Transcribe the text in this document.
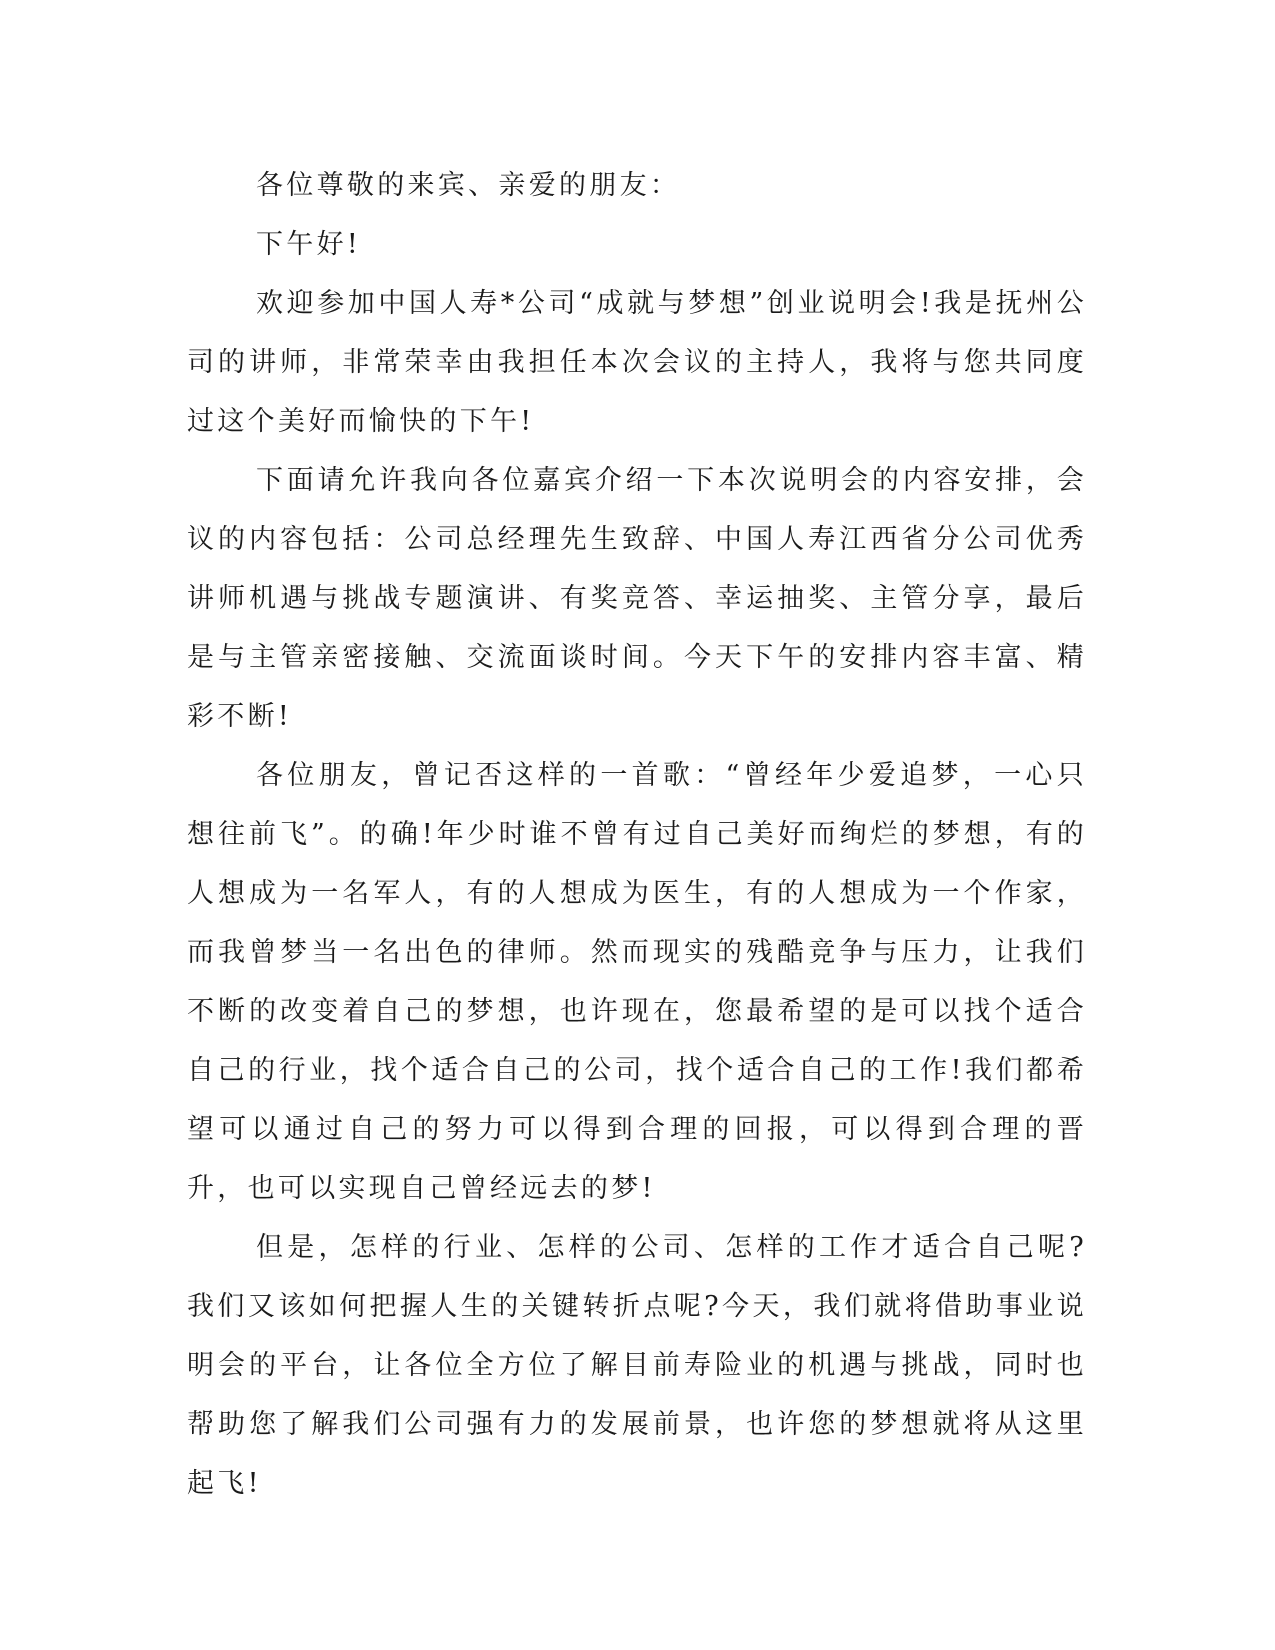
各位尊敬的来宾、亲爱的朋友：

下午好!

欢迎参加中国人寿*公司“成就与梦想”创业说明会!我是抚州公司的讲师，非常荣幸由我担任本次会议的主持人，我将与您共同度过这个美好而愉快的下午!

下面请允许我向各位嘉宾介绍一下本次说明会的内容安排，会议的内容包括：公司总经理先生致辞、中国人寿江西省分公司优秀讲师机遇与挑战专题演讲、有奖竞答、幸运抽奖、主管分享，最后是与主管亲密接触、交流面谈时间。今天下午的安排内容丰富、精彩不断!

各位朋友，曾记否这样的一首歌：“曾经年少爱追梦，一心只想往前飞”。的确!年少时谁不曾有过自己美好而绚烂的梦想，有的人想成为一名军人，有的人想成为医生，有的人想成为一个作家，而我曾梦当一名出色的律师。然而现实的残酷竞争与压力，让我们不断的改变着自己的梦想，也许现在，您最希望的是可以找个适合自己的行业，找个适合自己的公司，找个适合自己的工作!我们都希望可以通过自己的努力可以得到合理的回报，可以得到合理的晋升，也可以实现自己曾经远去的梦!

但是，怎样的行业、怎样的公司、怎样的工作才适合自己呢?我们又该如何把握人生的关键转折点呢?今天，我们就将借助事业说明会的平台，让各位全方位了解目前寿险业的机遇与挑战，同时也帮助您了解我们公司强有力的发展前景，也许您的梦想就将从这里起飞!
